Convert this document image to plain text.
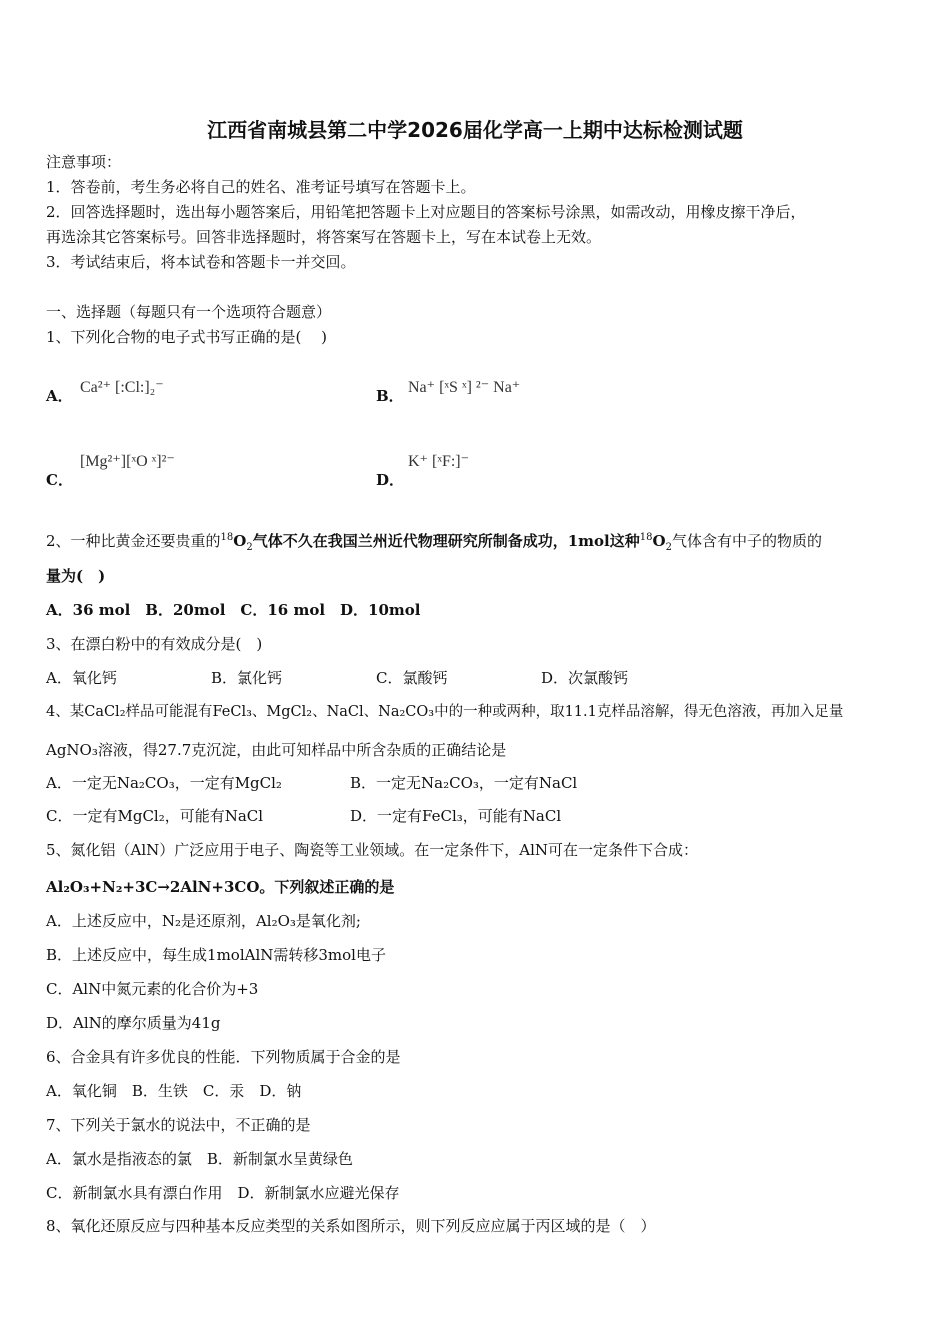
江西省南城县第二中学2026届化学高一上期中达标检测试题
注意事项：
1．答卷前，考生务必将自己的姓名、准考证号填写在答题卡上。
2．回答选择题时，选出每小题答案后，用铅笔把答题卡上对应题目的答案标号涂黑，如需改动，用橡皮擦干净后，
再选涂其它答案标号。回答非选择题时，将答案写在答题卡上，写在本试卷上无效。
3．考试结束后，将本试卷和答题卡一并交回。
一、选择题（每题只有一个选项符合题意）
1、下列化合物的电子式书写正确的是(　 )
A． Ca²⁺ [:Cl:]₂⁻	B． Na⁺ [ˣS ˣ] ²⁻ Na⁺
C．
[Mg²⁺][ˣO ˣ]²⁻
D．
K⁺ [ˣF:]⁻
2、一种比黄金还要贵重的$^{18}O_2$气体不久在我国兰州近代物理研究所制备成功，1mol这种$^{18}O_2$气体含有中子的物质的
量为(　)
A．36 mol　B．20mol　C．16 mol　D．10mol
3、在漂白粉中的有效成分是(　)
A．氧化钙	B．氯化钙	C．氯酸钙	D．次氯酸钙
4、某CaCl₂样品可能混有FeCl₃、MgCl₂、NaCl、Na₂CO₃中的一种或两种，取11.1克样品溶解，得无色溶液，再加入足量
AgNO₃溶液，得27.7克沉淀，由此可知样品中所含杂质的正确结论是
A．一定无Na₂CO₃，一定有MgCl₂	B．一定无Na₂CO₃，一定有NaCl
C．一定有MgCl₂，可能有NaCl	D．一定有FeCl₃，可能有NaCl
5、氮化铝（AlN）广泛应用于电子、陶瓷等工业领域。在一定条件下，AlN可在一定条件下合成：
Al₂O₃+N₂+3C→2AlN+3CO。下列叙述正确的是
A．上述反应中，N₂是还原剂，Al₂O₃是氧化剂;
B．上述反应中，每生成1molAlN需转移3mol电子
C．AlN中氮元素的化合价为+3
D．AlN的摩尔质量为41g
6、合金具有许多优良的性能．下列物质属于合金的是
A．氧化铜　B．生铁　C．汞　D．钠
7、下列关于氯水的说法中，不正确的是
A．氯水是指液态的氯　B．新制氯水呈黄绿色
C．新制氯水具有漂白作用　D．新制氯水应避光保存
8、氧化还原反应与四种基本反应类型的关系如图所示，则下列反应应属于丙区域的是（　）
